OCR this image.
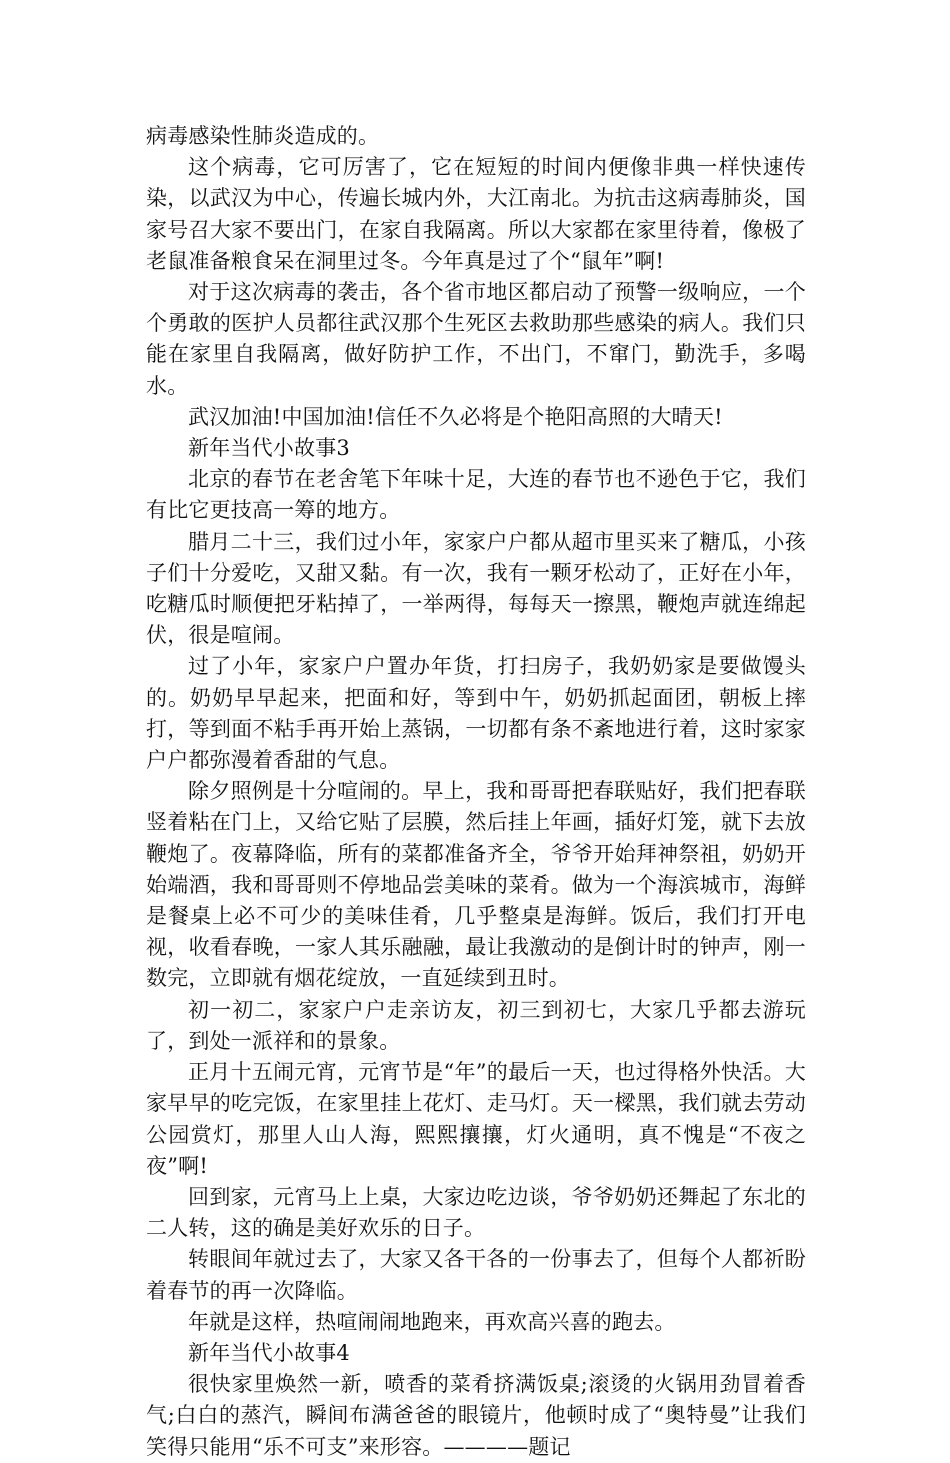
病毒感染性肺炎造成的。

这个病毒，它可厉害了，它在短短的时间内便像非典一样快速传染，以武汉为中心，传遍长城内外，大江南北。为抗击这病毒肺炎，国家号召大家不要出门，在家自我隔离。所以大家都在家里待着，像极了老鼠准备粮食呆在洞里过冬。今年真是过了个“鼠年”啊!

对于这次病毒的袭击，各个省市地区都启动了预警一级响应，一个个勇敢的医护人员都往武汉那个生死区去救助那些感染的病人。我们只能在家里自我隔离，做好防护工作，不出门，不窜门，勤洗手，多喝水。

武汉加油!中国加油!信任不久必将是个艳阳高照的大晴天!

新年当代小故事3

北京的春节在老舍笔下年味十足，大连的春节也不逊色于它，我们有比它更技高一筹的地方。

腊月二十三，我们过小年，家家户户都从超市里买来了糖瓜，小孩子们十分爱吃，又甜又黏。有一次，我有一颗牙松动了，正好在小年，吃糖瓜时顺便把牙粘掉了，一举两得，每每天一擦黑，鞭炮声就连绵起伏，很是喧闹。

过了小年，家家户户置办年货，打扫房子，我奶奶家是要做馒头的。奶奶早早起来，把面和好，等到中午，奶奶抓起面团，朝板上摔打，等到面不粘手再开始上蒸锅，一切都有条不紊地进行着，这时家家户户都弥漫着香甜的气息。

除夕照例是十分喧闹的。早上，我和哥哥把春联贴好，我们把春联竖着粘在门上，又给它贴了层膜，然后挂上年画，插好灯笼，就下去放鞭炮了。夜幕降临，所有的菜都准备齐全，爷爷开始拜神祭祖，奶奶开始端酒，我和哥哥则不停地品尝美味的菜肴。做为一个海滨城市，海鲜是餐桌上必不可少的美味佳肴，几乎整桌是海鲜。饭后，我们打开电视，收看春晚，一家人其乐融融，最让我激动的是倒计时的钟声，刚一数完，立即就有烟花绽放，一直延续到丑时。

初一初二，家家户户走亲访友，初三到初七，大家几乎都去游玩了，到处一派祥和的景象。

正月十五闹元宵，元宵节是“年”的最后一天，也过得格外快活。大家早早的吃完饭，在家里挂上花灯、走马灯。天一樑黑，我们就去劳动公园赏灯，那里人山人海，熙熙攘攘，灯火通明，真不愧是“不夜之夜”啊!

回到家，元宵马上上桌，大家边吃边谈，爷爷奶奶还舞起了东北的二人转，这的确是美好欢乐的日子。

转眼间年就过去了，大家又各干各的一份事去了，但每个人都祈盼着春节的再一次降临。

年就是这样，热喧闹闹地跑来，再欢高兴喜的跑去。

新年当代小故事4

很快家里焕然一新，喷香的菜肴挤满饭桌;滚烫的火锅用劲冒着香气;白白的蒸汽，瞬间布满爸爸的眼镜片，他顿时成了“奥特曼”让我们笑得只能用“乐不可支”来形容。————题记
